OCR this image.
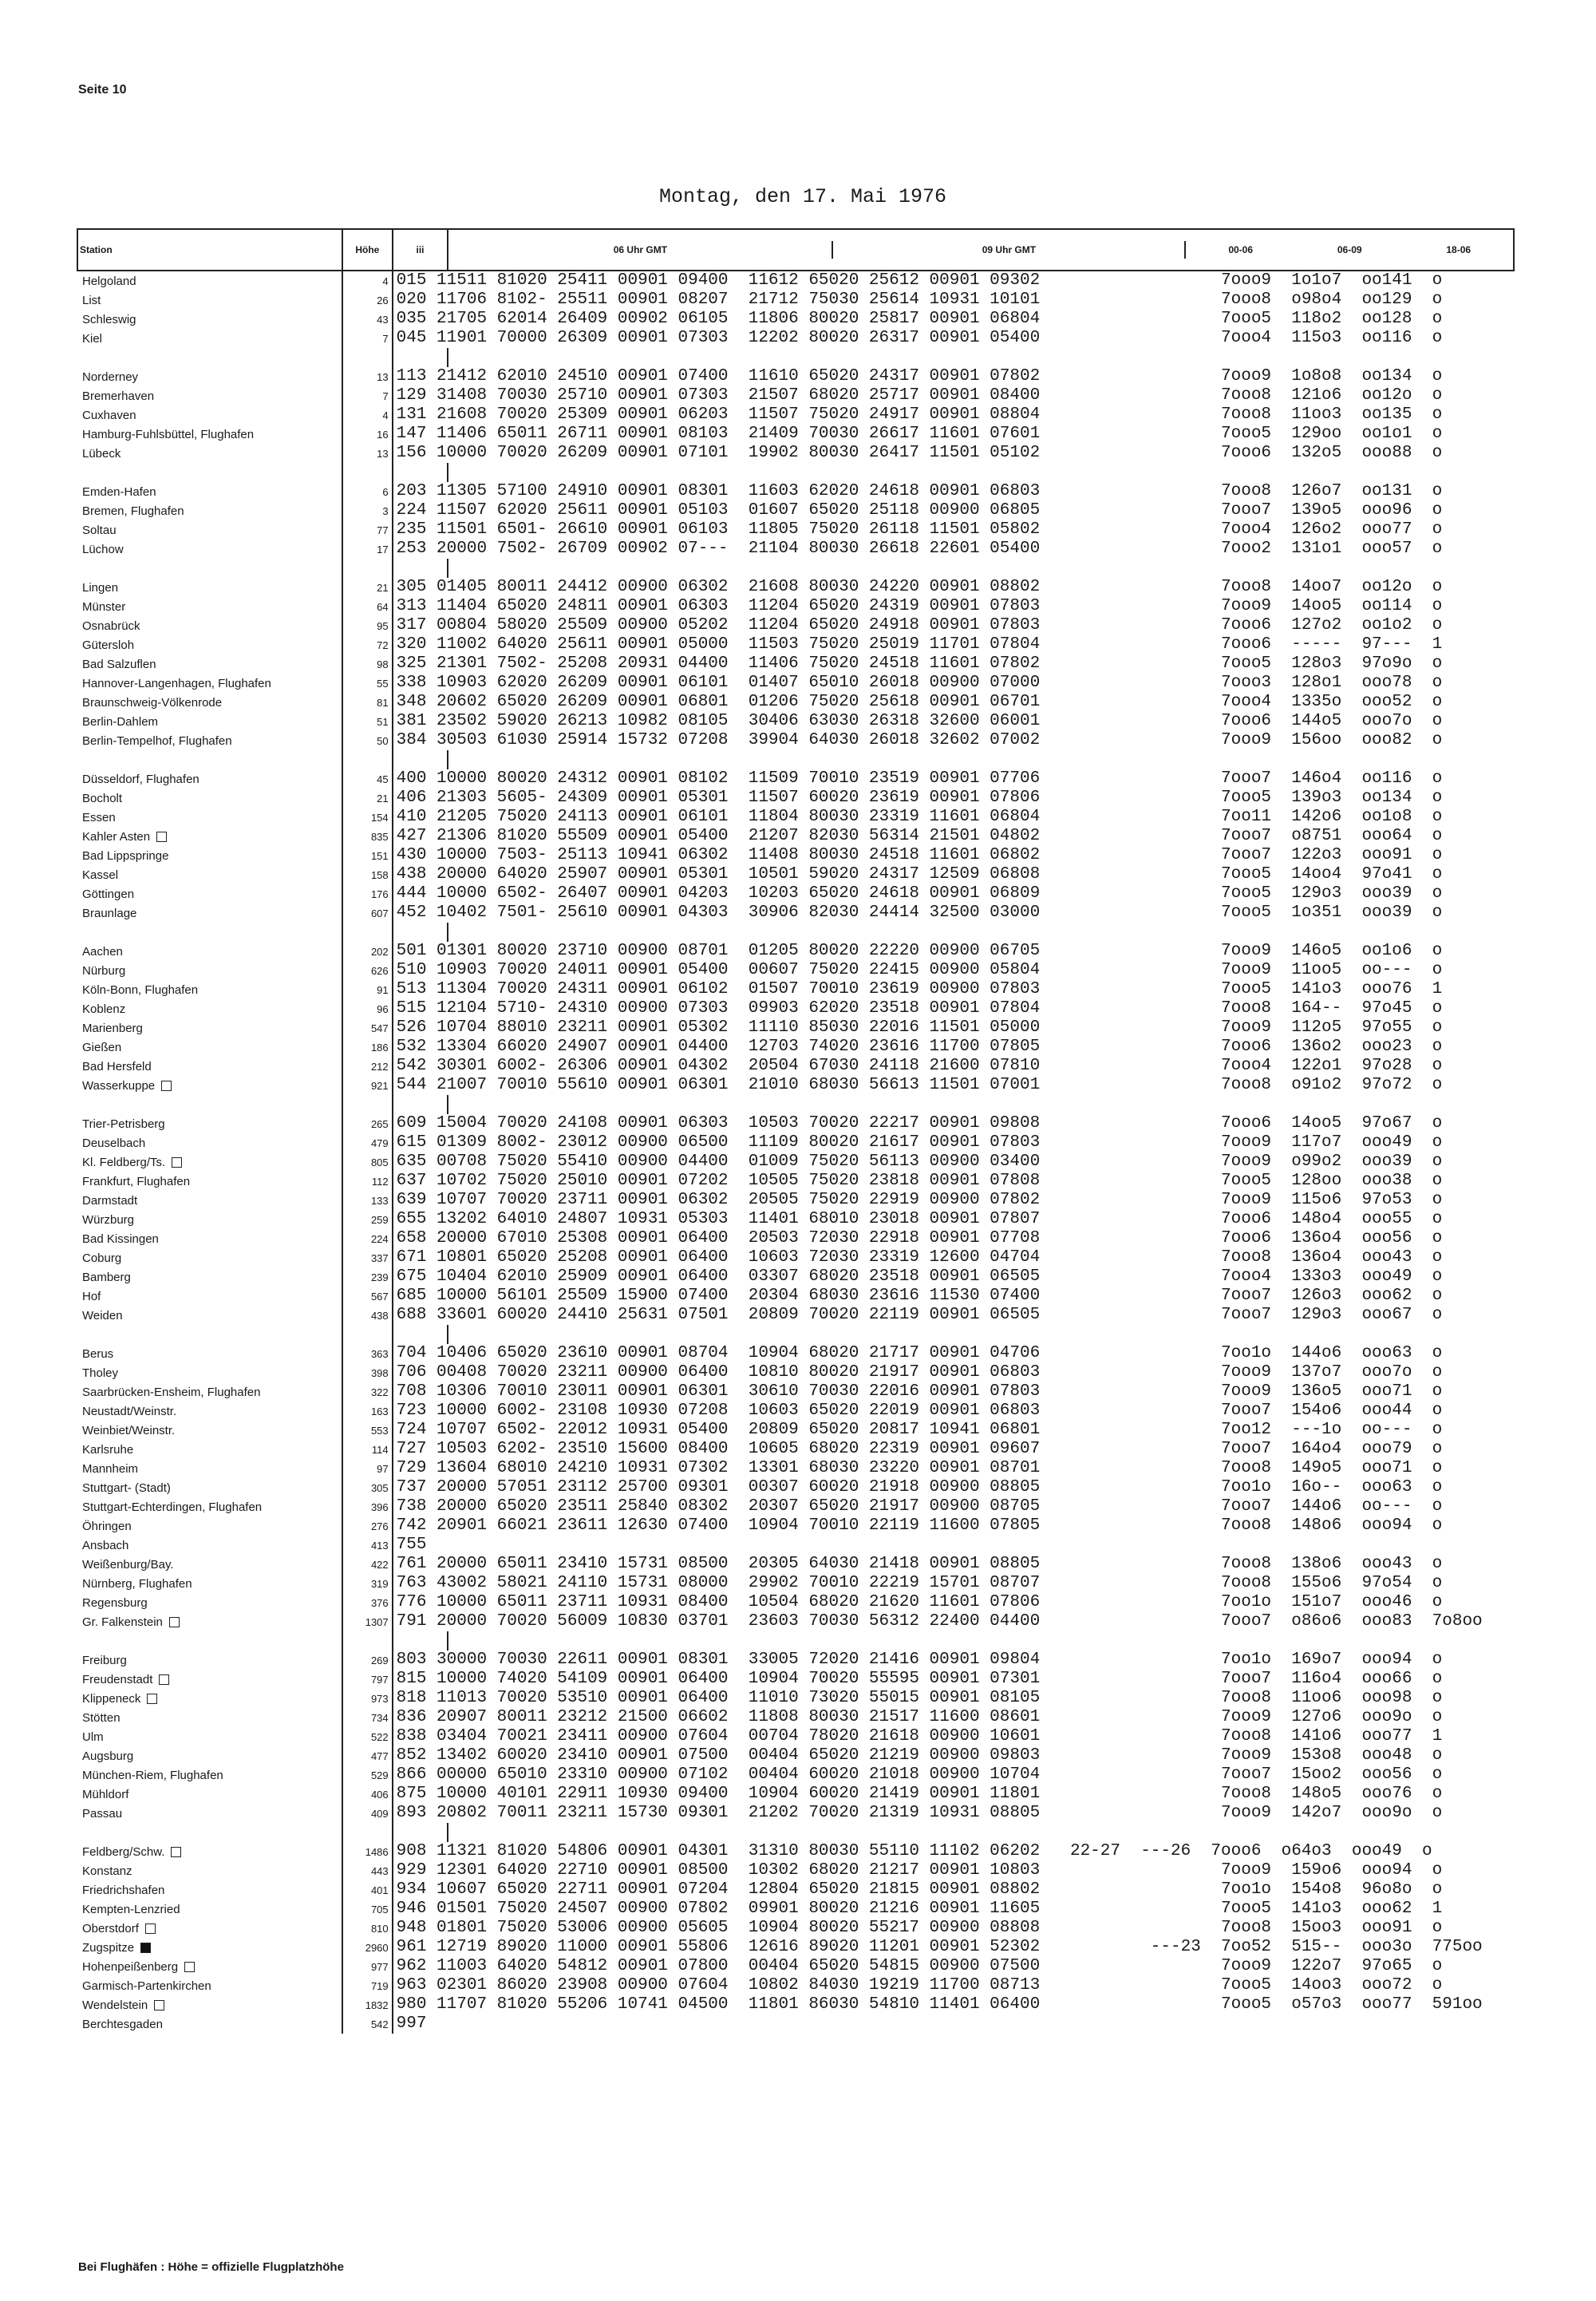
Seite 10
Montag, den 17. Mai 1976
Station	Höhe	iii	06 Uhr GMT 09 Uhr GMT 00-06 06-09 18-06

Helgoland	4	015 11511 81020 25411 00901 09400  11612 65020 25612 00901 09302                  7ooo9  1o1o7  oo141  o	
List	26	020 11706 8102- 25511 00901 08207  21712 75030 25614 10931 10101                  7ooo8  o98o4  oo129  o	
Schleswig	43	035 21705 62014 26409 00902 06105  11806 80020 25817 00901 06804                  7ooo5  118o2  oo128  o	
Kiel	7	045 11901 70000 26309 00901 07303  12202 80020 26317 00901 05400                  7ooo4  115o3  oo116  o	

Norderney	13	113 21412 62010 24510 00901 07400  11610 65020 24317 00901 07802                  7ooo9  1o8o8  oo134  o	
Bremerhaven	7	129 31408 70030 25710 00901 07303  21507 68020 25717 00901 08400                  7ooo8  121o6  oo12o  o	
Cuxhaven	4	131 21608 70020 25309 00901 06203  11507 75020 24917 00901 08804                  7ooo8  11oo3  oo135  o	
Hamburg-Fuhlsbüttel, Flughafen	16	147 11406 65011 26711 00901 08103  21409 70030 26617 11601 07601                  7ooo5  129oo  oo1o1  o	
Lübeck	13	156 10000 70020 26209 00901 07101  19902 80030 26417 11501 05102                  7ooo6  132o5  ooo88  o	

Emden-Hafen	6	203 11305 57100 24910 00901 08301  11603 62020 24618 00901 06803                  7ooo8  126o7  oo131  o	
Bremen, Flughafen	3	224 11507 62020 25611 00901 05103  01607 65020 25118 00900 06805                  7ooo7  139o5  ooo96  o	
Soltau	77	235 11501 6501- 26610 00901 06103  11805 75020 26118 11501 05802                  7ooo4  126o2  ooo77  o	
Lüchow	17	253 20000 7502- 26709 00902 07---  21104 80030 26618 22601 05400                  7ooo2  131o1  ooo57  o	

Lingen	21	305 01405 80011 24412 00900 06302  21608 80030 24220 00901 08802                  7ooo8  14oo7  oo12o  o	
Münster	64	313 11404 65020 24811 00901 06303  11204 65020 24319 00901 07803                  7ooo9  14oo5  oo114  o	
Osnabrück	95	317 00804 58020 25509 00900 05202  11204 65020 24918 00901 07803                  7ooo6  127o2  oo1o2  o	
Gütersloh	72	320 11002 64020 25611 00901 05000  11503 75020 25019 11701 07804                  7ooo6  -----  97---  1	
Bad Salzuflen	98	325 21301 7502- 25208 20931 04400  11406 75020 24518 11601 07802                  7ooo5  128o3  97o9o  o	
Hannover-Langenhagen, Flughafen	55	338 10903 62020 26209 00901 06101  01407 65010 26018 00900 07000                  7ooo3  128o1  ooo78  o	
Braunschweig-Völkenrode	81	348 20602 65020 26209 00901 06801  01206 75020 25618 00901 06701                  7ooo4  1335o  ooo52  o	
Berlin-Dahlem	51	381 23502 59020 26213 10982 08105  30406 63030 26318 32600 06001                  7ooo6  144o5  ooo7o  o	
Berlin-Tempelhof, Flughafen	50	384 30503 61030 25914 15732 07208  39904 64030 26018 32602 07002                  7ooo9  156oo  ooo82  o	

Düsseldorf, Flughafen	45	400 10000 80020 24312 00901 08102  11509 70010 23519 00901 07706                  7ooo7  146o4  oo116  o	
Bocholt	21	406 21303 5605- 24309 00901 05301  11507 60020 23619 00901 07806                  7ooo5  139o3  oo134  o	
Essen	154	410 21205 75020 24113 00901 06101  11804 80030 23319 11601 06804                  7oo11  142o6  oo1o8  o	
Kahler Asten	835	427 21306 81020 55509 00901 05400  21207 82030 56314 21501 04802                  7ooo7  o8751  ooo64  o	
Bad Lippspringe	151	430 10000 7503- 25113 10941 06302  11408 80030 24518 11601 06802                  7ooo7  122o3  ooo91  o	
Kassel	158	438 20000 64020 25907 00901 05301  10501 59020 24317 12509 06808                  7ooo5  14oo4  97o41  o	
Göttingen	176	444 10000 6502- 26407 00901 04203  10203 65020 24618 00901 06809                  7ooo5  129o3  ooo39  o	
Braunlage	607	452 10402 7501- 25610 00901 04303  30906 82030 24414 32500 03000                  7ooo5  1o351  ooo39  o	

Aachen	202	501 01301 80020 23710 00900 08701  01205 80020 22220 00900 06705                  7ooo9  146o5  oo1o6  o	
Nürburg	626	510 10903 70020 24011 00901 05400  00607 75020 22415 00900 05804                  7ooo9  11oo5  oo---  o	
Köln-Bonn, Flughafen	91	513 11304 70020 24311 00901 06102  01507 70010 23619 00900 07803                  7ooo5  141o3  ooo76  1	
Koblenz	96	515 12104 5710- 24310 00900 07303  09903 62020 23518 00901 07804                  7ooo8  164--  97o45  o	
Marienberg	547	526 10704 88010 23211 00901 05302  11110 85030 22016 11501 05000                  7ooo9  112o5  97o55  o	
Gießen	186	532 13304 66020 24907 00901 04400  12703 74020 23616 11700 07805                  7ooo6  136o2  ooo23  o	
Bad Hersfeld	212	542 30301 6002- 26306 00901 04302  20504 67030 24118 21600 07810                  7ooo4  122o1  97o28  o	
Wasserkuppe	921	544 21007 70010 55610 00901 06301  21010 68030 56613 11501 07001                  7ooo8  o91o2  97o72  o	

Trier-Petrisberg	265	609 15004 70020 24108 00901 06303  10503 70020 22217 00901 09808                  7ooo6  14oo5  97o67  o	
Deuselbach	479	615 01309 8002- 23012 00900 06500  11109 80020 21617 00901 07803                  7ooo9  117o7  ooo49  o	
Kl. Feldberg/Ts.	805	635 00708 75020 55410 00900 04400  01009 75020 56113 00900 03400                  7ooo9  o99o2  ooo39  o	
Frankfurt, Flughafen	112	637 10702 75020 25010 00901 07202  10505 75020 23818 00901 07808                  7ooo5  128oo  ooo38  o	
Darmstadt	133	639 10707 70020 23711 00901 06302  20505 75020 22919 00900 07802                  7ooo9  115o6  97o53  o	
Würzburg	259	655 13202 64010 24807 10931 05303  11401 68010 23018 00901 07807                  7ooo6  148o4  ooo55  o	
Bad Kissingen	224	658 20000 67010 25308 00901 06400  20503 72030 22918 00901 07708                  7ooo6  136o4  ooo56  o	
Coburg	337	671 10801 65020 25208 00901 06400  10603 72030 23319 12600 04704                  7ooo8  136o4  ooo43  o	
Bamberg	239	675 10404 62010 25909 00901 06400  03307 68020 23518 00901 06505                  7ooo4  133o3  ooo49  o	
Hof	567	685 10000 56101 25509 15900 07400  20304 68030 23616 11530 07400                  7ooo7  126o3  ooo62  o	
Weiden	438	688 33601 60020 24410 25631 07501  20809 70020 22119 00901 06505                  7ooo7  129o3  ooo67  o	

Berus	363	704 10406 65020 23610 00901 08704  10904 68020 21717 00901 04706                  7oo1o  144o6  ooo63  o	
Tholey	398	706 00408 70020 23211 00900 06400  10810 80020 21917 00901 06803                  7ooo9  137o7  ooo7o  o	
Saarbrücken-Ensheim, Flughafen	322	708 10306 70010 23011 00901 06301  30610 70030 22016 00901 07803                  7ooo9  136o5  ooo71  o	
Neustadt/Weinstr.	163	723 10000 6002- 23108 10930 07208  10603 65020 22019 00901 06803                  7ooo7  154o6  ooo44  o	
Weinbiet/Weinstr.	553	724 10707 6502- 22012 10931 05400  20809 65020 20817 10941 06801                  7oo12  ---1o  oo---  o	
Karlsruhe	114	727 10503 6202- 23510 15600 08400  10605 68020 22319 00901 09607                  7ooo7  164o4  ooo79  o	
Mannheim	97	729 13604 68010 24210 10931 07302  13301 68030 23220 00901 08701                  7ooo8  149o5  ooo71  o	
Stuttgart- (Stadt)	305	737 20000 57051 23112 25700 09301  00307 60020 21918 00900 08805                  7oo1o  16o--  ooo63  o	
Stuttgart-Echterdingen, Flughafen	396	738 20000 65020 23511 25840 08302  20307 65020 21917 00900 08705                  7ooo7  144o6  oo---  o	
Öhringen	276	742 20901 66021 23611 12630 07400  10904 70010 22119 11600 07805                  7ooo8  148o6  ooo94  o	
Ansbach	413	755	
Weißenburg/Bay.	422	761 20000 65011 23410 15731 08500  20305 64030 21418 00901 08805                  7ooo8  138o6  ooo43  o	
Nürnberg, Flughafen	319	763 43002 58021 24110 15731 08000  29902 70010 22219 15701 08707                  7ooo8  155o6  97o54  o	
Regensburg	376	776 10000 65011 23711 10931 08400  10504 68020 21620 11601 07806                  7oo1o  151o7  ooo46  o	
Gr. Falkenstein	1307	791 20000 70020 56009 10830 03701  23603 70030 56312 22400 04400                  7ooo7  o86o6  ooo83  7o8oo	

Freiburg	269	803 30000 70030 22611 00901 08301  33005 72020 21416 00901 09804                  7oo1o  169o7  ooo94  o	
Freudenstadt	797	815 10000 74020 54109 00901 06400  10904 70020 55595 00901 07301                  7ooo7  116o4  ooo66  o	
Klippeneck	973	818 11013 70020 53510 00901 06400  11010 73020 55015 00901 08105                  7ooo8  11oo6  ooo98  o	
Stötten	734	836 20907 80011 23212 21500 06602  11808 80030 21517 11600 08601                  7ooo9  127o6  ooo9o  o	
Ulm	522	838 03404 70021 23411 00900 07604  00704 78020 21618 00900 10601                  7ooo8  141o6  ooo77  1	
Augsburg	477	852 13402 60020 23410 00901 07500  00404 65020 21219 00900 09803                  7ooo9  153o8  ooo48  o	
München-Riem, Flughafen	529	866 00000 65010 23310 00900 07102  00404 60020 21018 00900 10704                  7ooo7  15oo2  ooo56  o	
Mühldorf	406	875 10000 40101 22911 10930 09400  10904 60020 21419 00901 11801                  7ooo8  148o5  ooo76  o	
Passau	409	893 20802 70011 23211 15730 09301  21202 70020 21319 10931 08805                  7ooo9  142o7  ooo9o  o	

Feldberg/Schw.	1486	908 11321 81020 54806 00901 04301  31310 80030 55110 11102 06202   22-27  ---26  7ooo6  o64o3  ooo49  o	
Konstanz	443	929 12301 64020 22710 00901 08500  10302 68020 21217 00901 10803                  7ooo9  159o6  ooo94  o	
Friedrichshafen	401	934 10607 65020 22711 00901 07204  12804 65020 21815 00901 08802                  7oo1o  154o8  96o8o  o	
Kempten-Lenzried	705	946 01501 75020 24507 00900 07802  09901 80020 21216 00901 11605                  7ooo5  141o3  ooo62  1	
Oberstdorf	810	948 01801 75020 53006 00900 05605  10904 80020 55217 00900 08808                  7ooo8  15oo3  ooo91  o	
Zugspitze	2960	961 12719 89020 11000 00901 55806  12616 89020 11201 00901 52302           ---23  7oo52  515--  ooo3o  775oo	
Hohenpeißenberg	977	962 11003 64020 54812 00901 07800  00404 65020 54815 00900 07500                  7ooo9  122o7  97o65  o	
Garmisch-Partenkirchen	719	963 02301 86020 23908 00900 07604  10802 84030 19219 11700 08713                  7ooo5  14oo3  ooo72  o	
Wendelstein	1832	980 11707 81020 55206 10741 04500  11801 86030 54810 11401 06400                  7ooo5  o57o3  ooo77  591oo	
Berchtesgaden	542	997	
Bei Flughäfen : Höhe = offizielle Flugplatzhöhe
